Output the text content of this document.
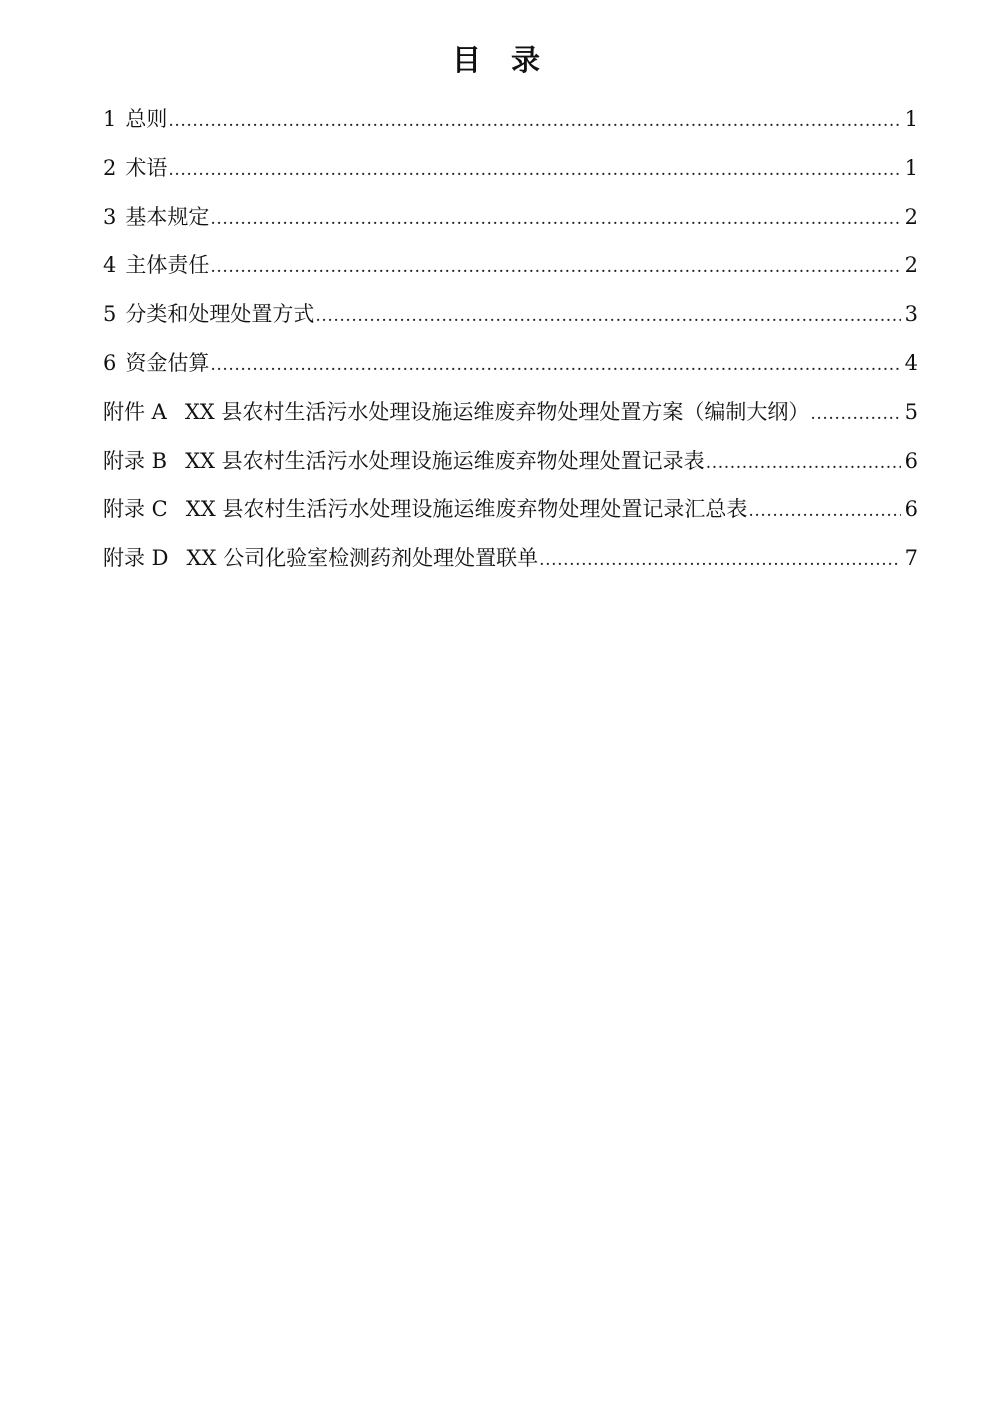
目 录
1 总则 .....	1
2 术语 .....	1
3 基本规定 .....	2
4 主体责任 .....	2
5 分类和处理处置方式 .....	3
6 资金估算 .....	4
附件 A XX 县农村生活污水处理设施运维废弃物处理处置方案（编制大纲） .....	5
附录 B XX 县农村生活污水处理设施运维废弃物处理处置记录表 .....	6
附录 C XX 县农村生活污水处理设施运维废弃物处理处置记录汇总表 .....	6
附录 D XX 公司化验室检测药剂处理处置联单 .....	7
